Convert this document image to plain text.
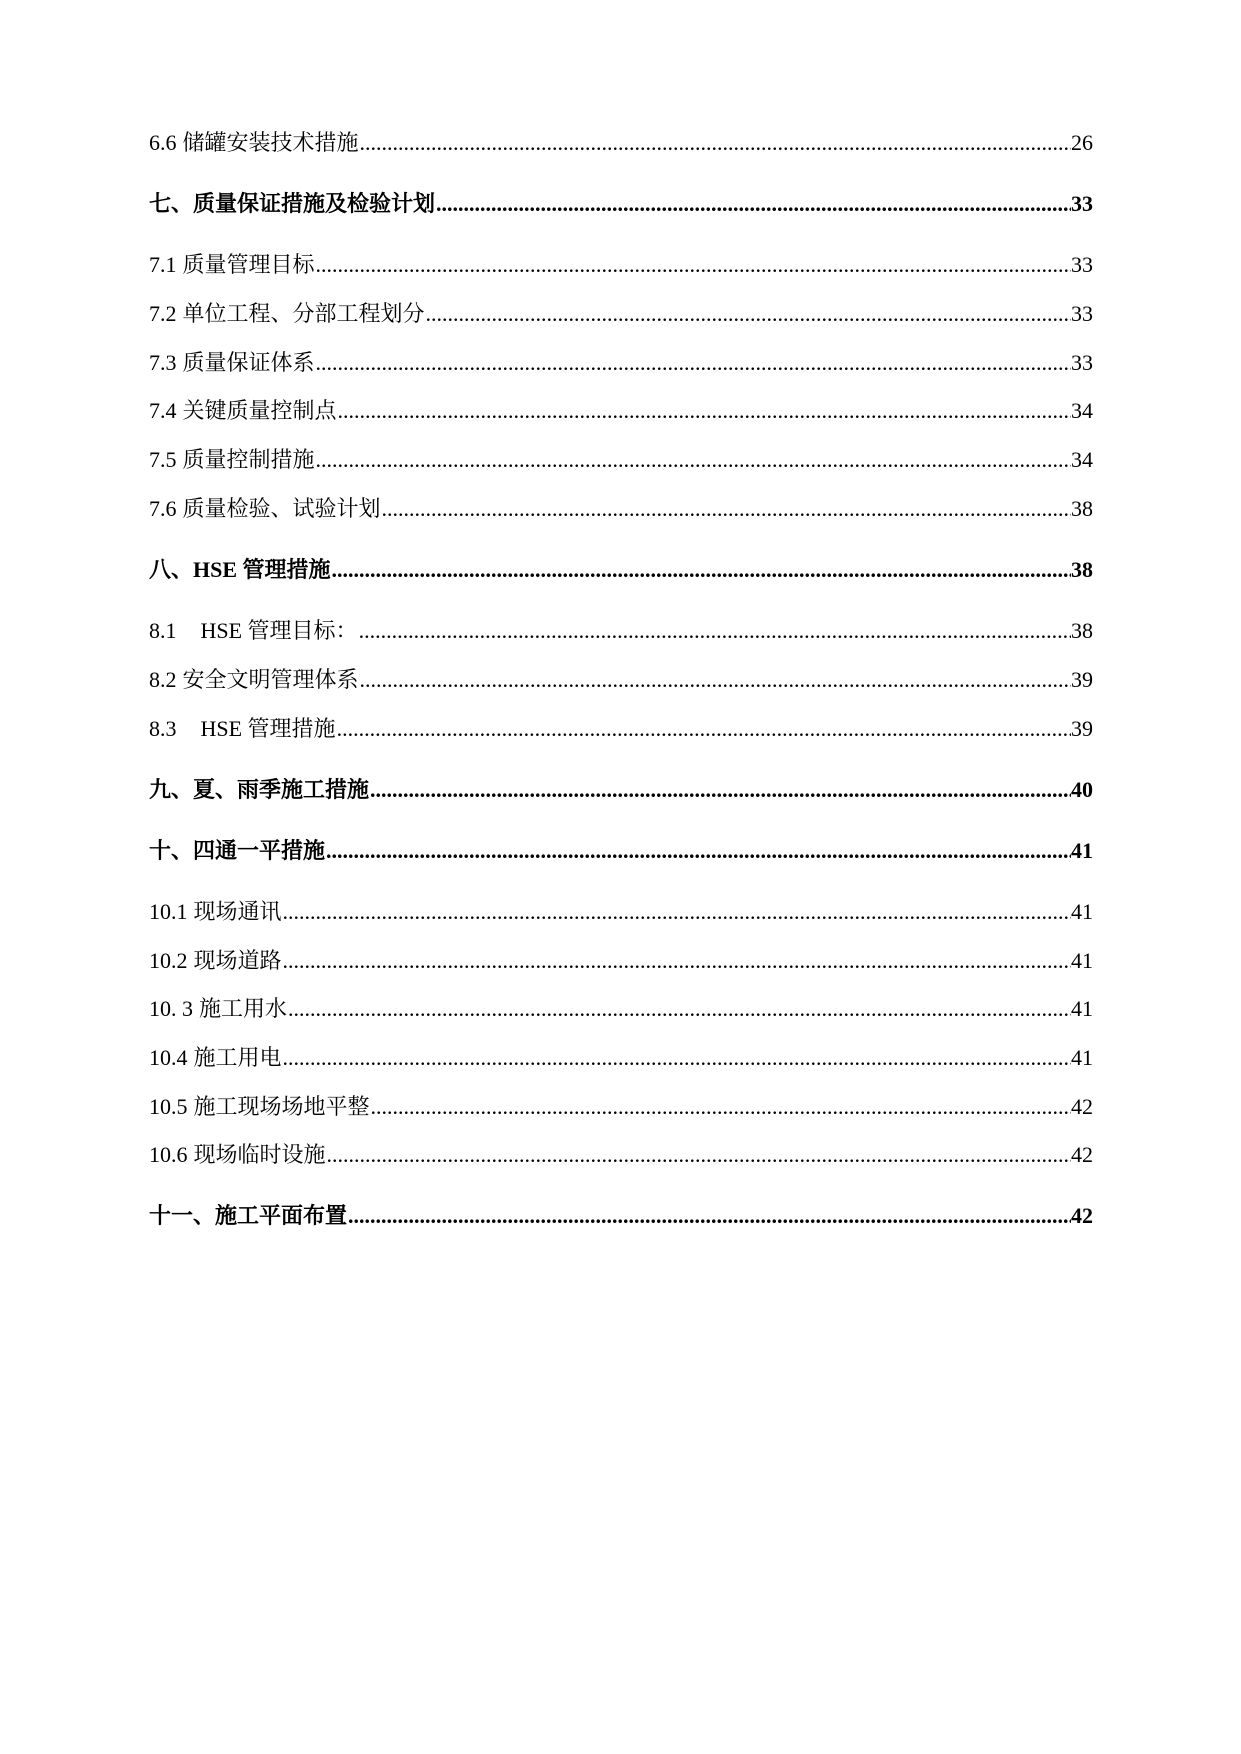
6.6 储罐安装技术措施 .....	26
七、 质量保证措施及检验计划 .....	33
7.1 质量管理目标 .....	33
7.2 单位工程、分部工程划分 .....	33
7.3 质量保证体系 .....	33
7.4 关键质量控制点 .....	34
7.5 质量控制措施 .....	34
7.6 质量检验、试验计划 .....	38
八、 HSE 管理措施 .....	38
8.1 HSE 管理目标： .....	38
8.2 安全文明管理体系 .....	39
8.3 HSE 管理措施 .....	39
九、 夏、雨季施工措施 .....	40
十、 四通一平措施 .....	41
10.1 现场通讯 .....	41
10.2 现场道路 .....	41
10. 3 施工用水 .....	41
10.4 施工用电 .....	41
10.5 施工现场场地平整 .....	42
10.6 现场临时设施 .....	42
十一、 施工平面布置 .....	42
